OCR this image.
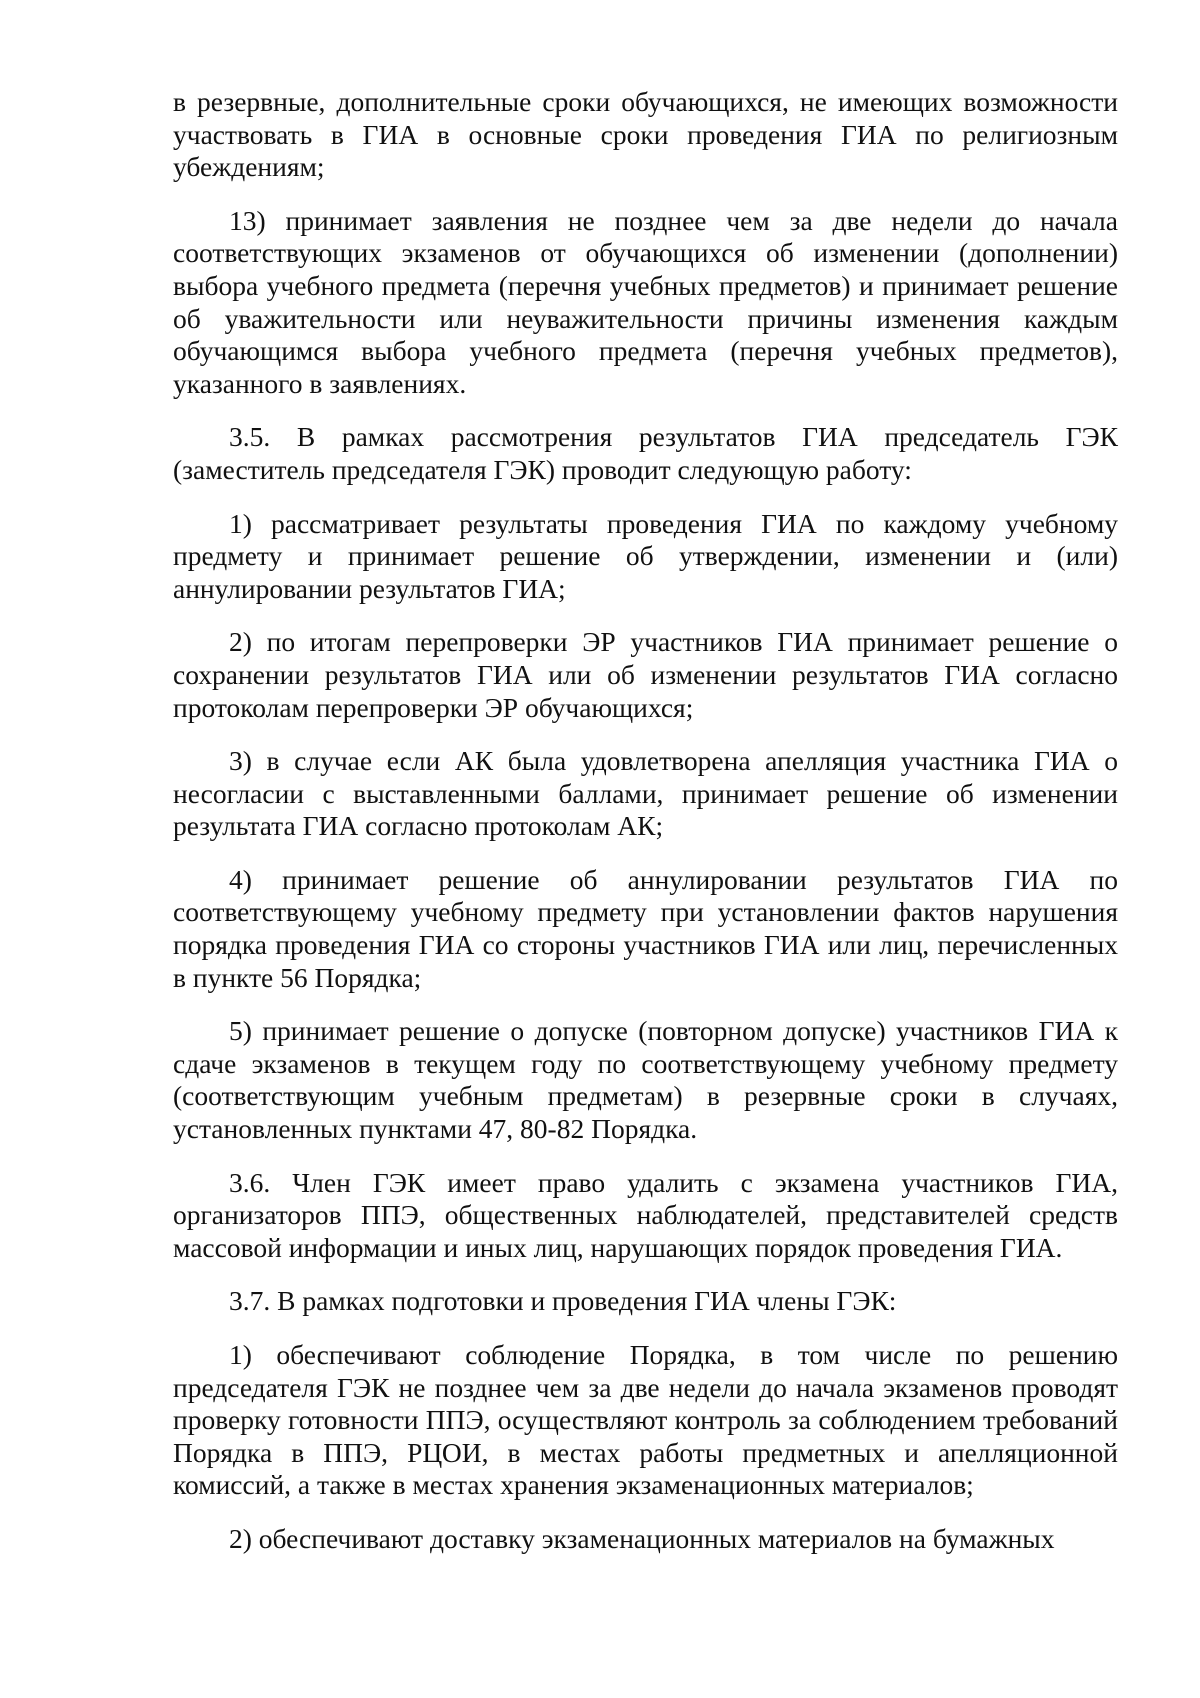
в резервные, дополнительные сроки обучающихся, не имеющих возможности участвовать в ГИА в основные сроки проведения ГИА по религиозным убеждениям;

13) принимает заявления не позднее чем за две недели до начала соответствующих экзаменов от обучающихся об изменении (дополнении) выбора учебного предмета (перечня учебных предметов) и принимает решение об уважительности или неуважительности причины изменения каждым обучающимся выбора учебного предмета (перечня учебных предметов), указанного в заявлениях.

3.5. В рамках рассмотрения результатов ГИА председатель ГЭК (заместитель председателя ГЭК) проводит следующую работу:

1) рассматривает результаты проведения ГИА по каждому учебному предмету и принимает решение об утверждении, изменении и (или) аннулировании результатов ГИА;

2) по итогам перепроверки ЭР участников ГИА принимает решение о сохранении результатов ГИА или об изменении результатов ГИА согласно протоколам перепроверки ЭР обучающихся;

3) в случае если АК была удовлетворена апелляция участника ГИА о несогласии с выставленными баллами, принимает решение об изменении результата ГИА согласно протоколам АК;

4) принимает решение об аннулировании результатов ГИА по соответствующему учебному предмету при установлении фактов нарушения порядка проведения ГИА со стороны участников ГИА или лиц, перечисленных в пункте 56 Порядка;

5) принимает решение о допуске (повторном допуске) участников ГИА к сдаче экзаменов в текущем году по соответствующему учебному предмету (соответствующим учебным предметам) в резервные сроки в случаях, установленных пунктами 47, 80-82 Порядка.

3.6. Член ГЭК имеет право удалить с экзамена участников ГИА, организаторов ППЭ, общественных наблюдателей, представителей средств массовой информации и иных лиц, нарушающих порядок проведения ГИА.

3.7. В рамках подготовки и проведения ГИА члены ГЭК:

1) обеспечивают соблюдение Порядка, в том числе по решению председателя ГЭК не позднее чем за две недели до начала экзаменов проводят проверку готовности ППЭ, осуществляют контроль за соблюдением требований Порядка в ППЭ, РЦОИ, в местах работы предметных и апелляционной комиссий, а также в местах хранения экзаменационных материалов;

2) обеспечивают доставку экзаменационных материалов на бумажных
